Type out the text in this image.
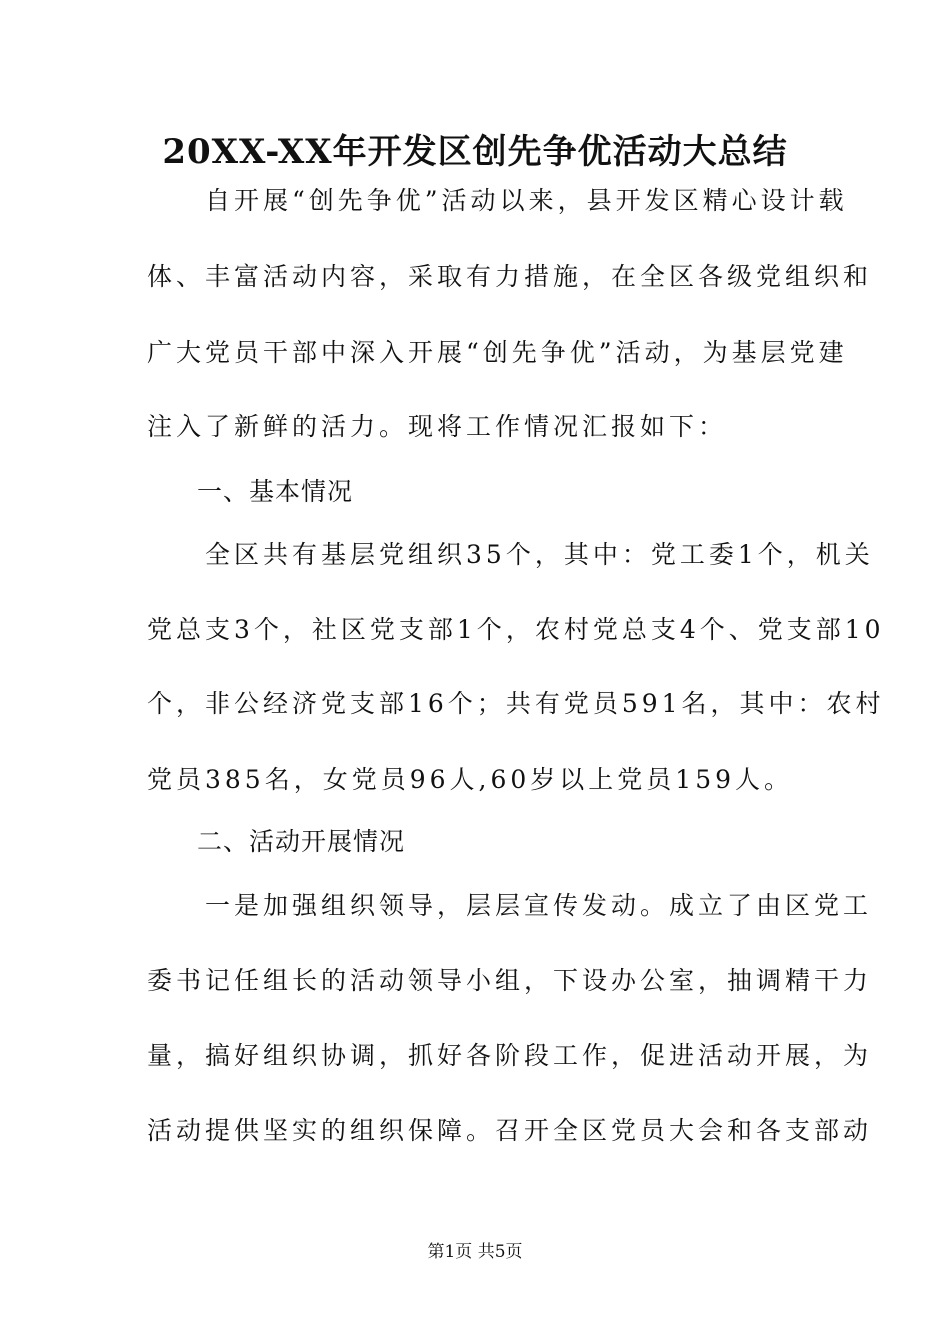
20XX-XX年开发区创先争优活动大总结
　　自开展“创先争优”活动以来，县开发区精心设计载
体、丰富活动内容，采取有力措施，在全区各级党组织和
广大党员干部中深入开展“创先争优”活动，为基层党建
注入了新鲜的活力。现将工作情况汇报如下：
一、基本情况
　　全区共有基层党组织35个，其中：党工委1个，机关
党总支3个，社区党支部1个，农村党总支4个、党支部10
个，非公经济党支部16个；共有党员591名，其中：农村
党员385名，女党员96人,60岁以上党员159人。
二、活动开展情况
　　一是加强组织领导，层层宣传发动。成立了由区党工
委书记任组长的活动领导小组，下设办公室，抽调精干力
量，搞好组织协调，抓好各阶段工作，促进活动开展，为
活动提供坚实的组织保障。召开全区党员大会和各支部动
第1页 共5页
